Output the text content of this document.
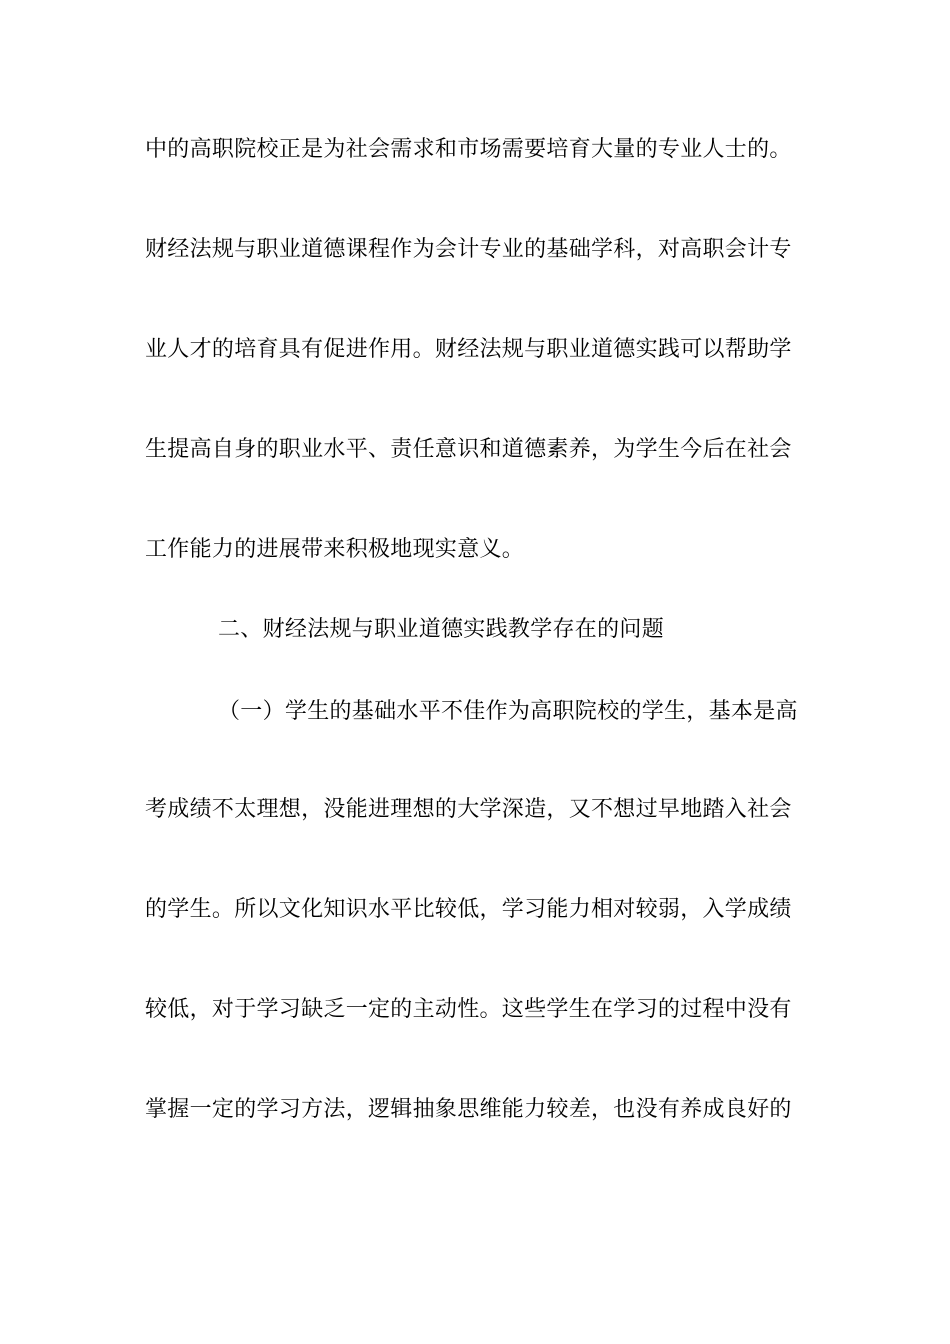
中的高职院校正是为社会需求和市场需要培育大量的专业人士的。
财经法规与职业道德课程作为会计专业的基础学科，对高职会计专
业人才的培育具有促进作用。财经法规与职业道德实践可以帮助学
生提高自身的职业水平、责任意识和道德素养，为学生今后在社会
工作能力的进展带来积极地现实意义。
二、财经法规与职业道德实践教学存在的问题
（一）学生的基础水平不佳作为高职院校的学生，基本是高
考成绩不太理想，没能进理想的大学深造，又不想过早地踏入社会
的学生。所以文化知识水平比较低，学习能力相对较弱，入学成绩
较低，对于学习缺乏一定的主动性。这些学生在学习的过程中没有
掌握一定的学习方法，逻辑抽象思维能力较差，也没有养成良好的
